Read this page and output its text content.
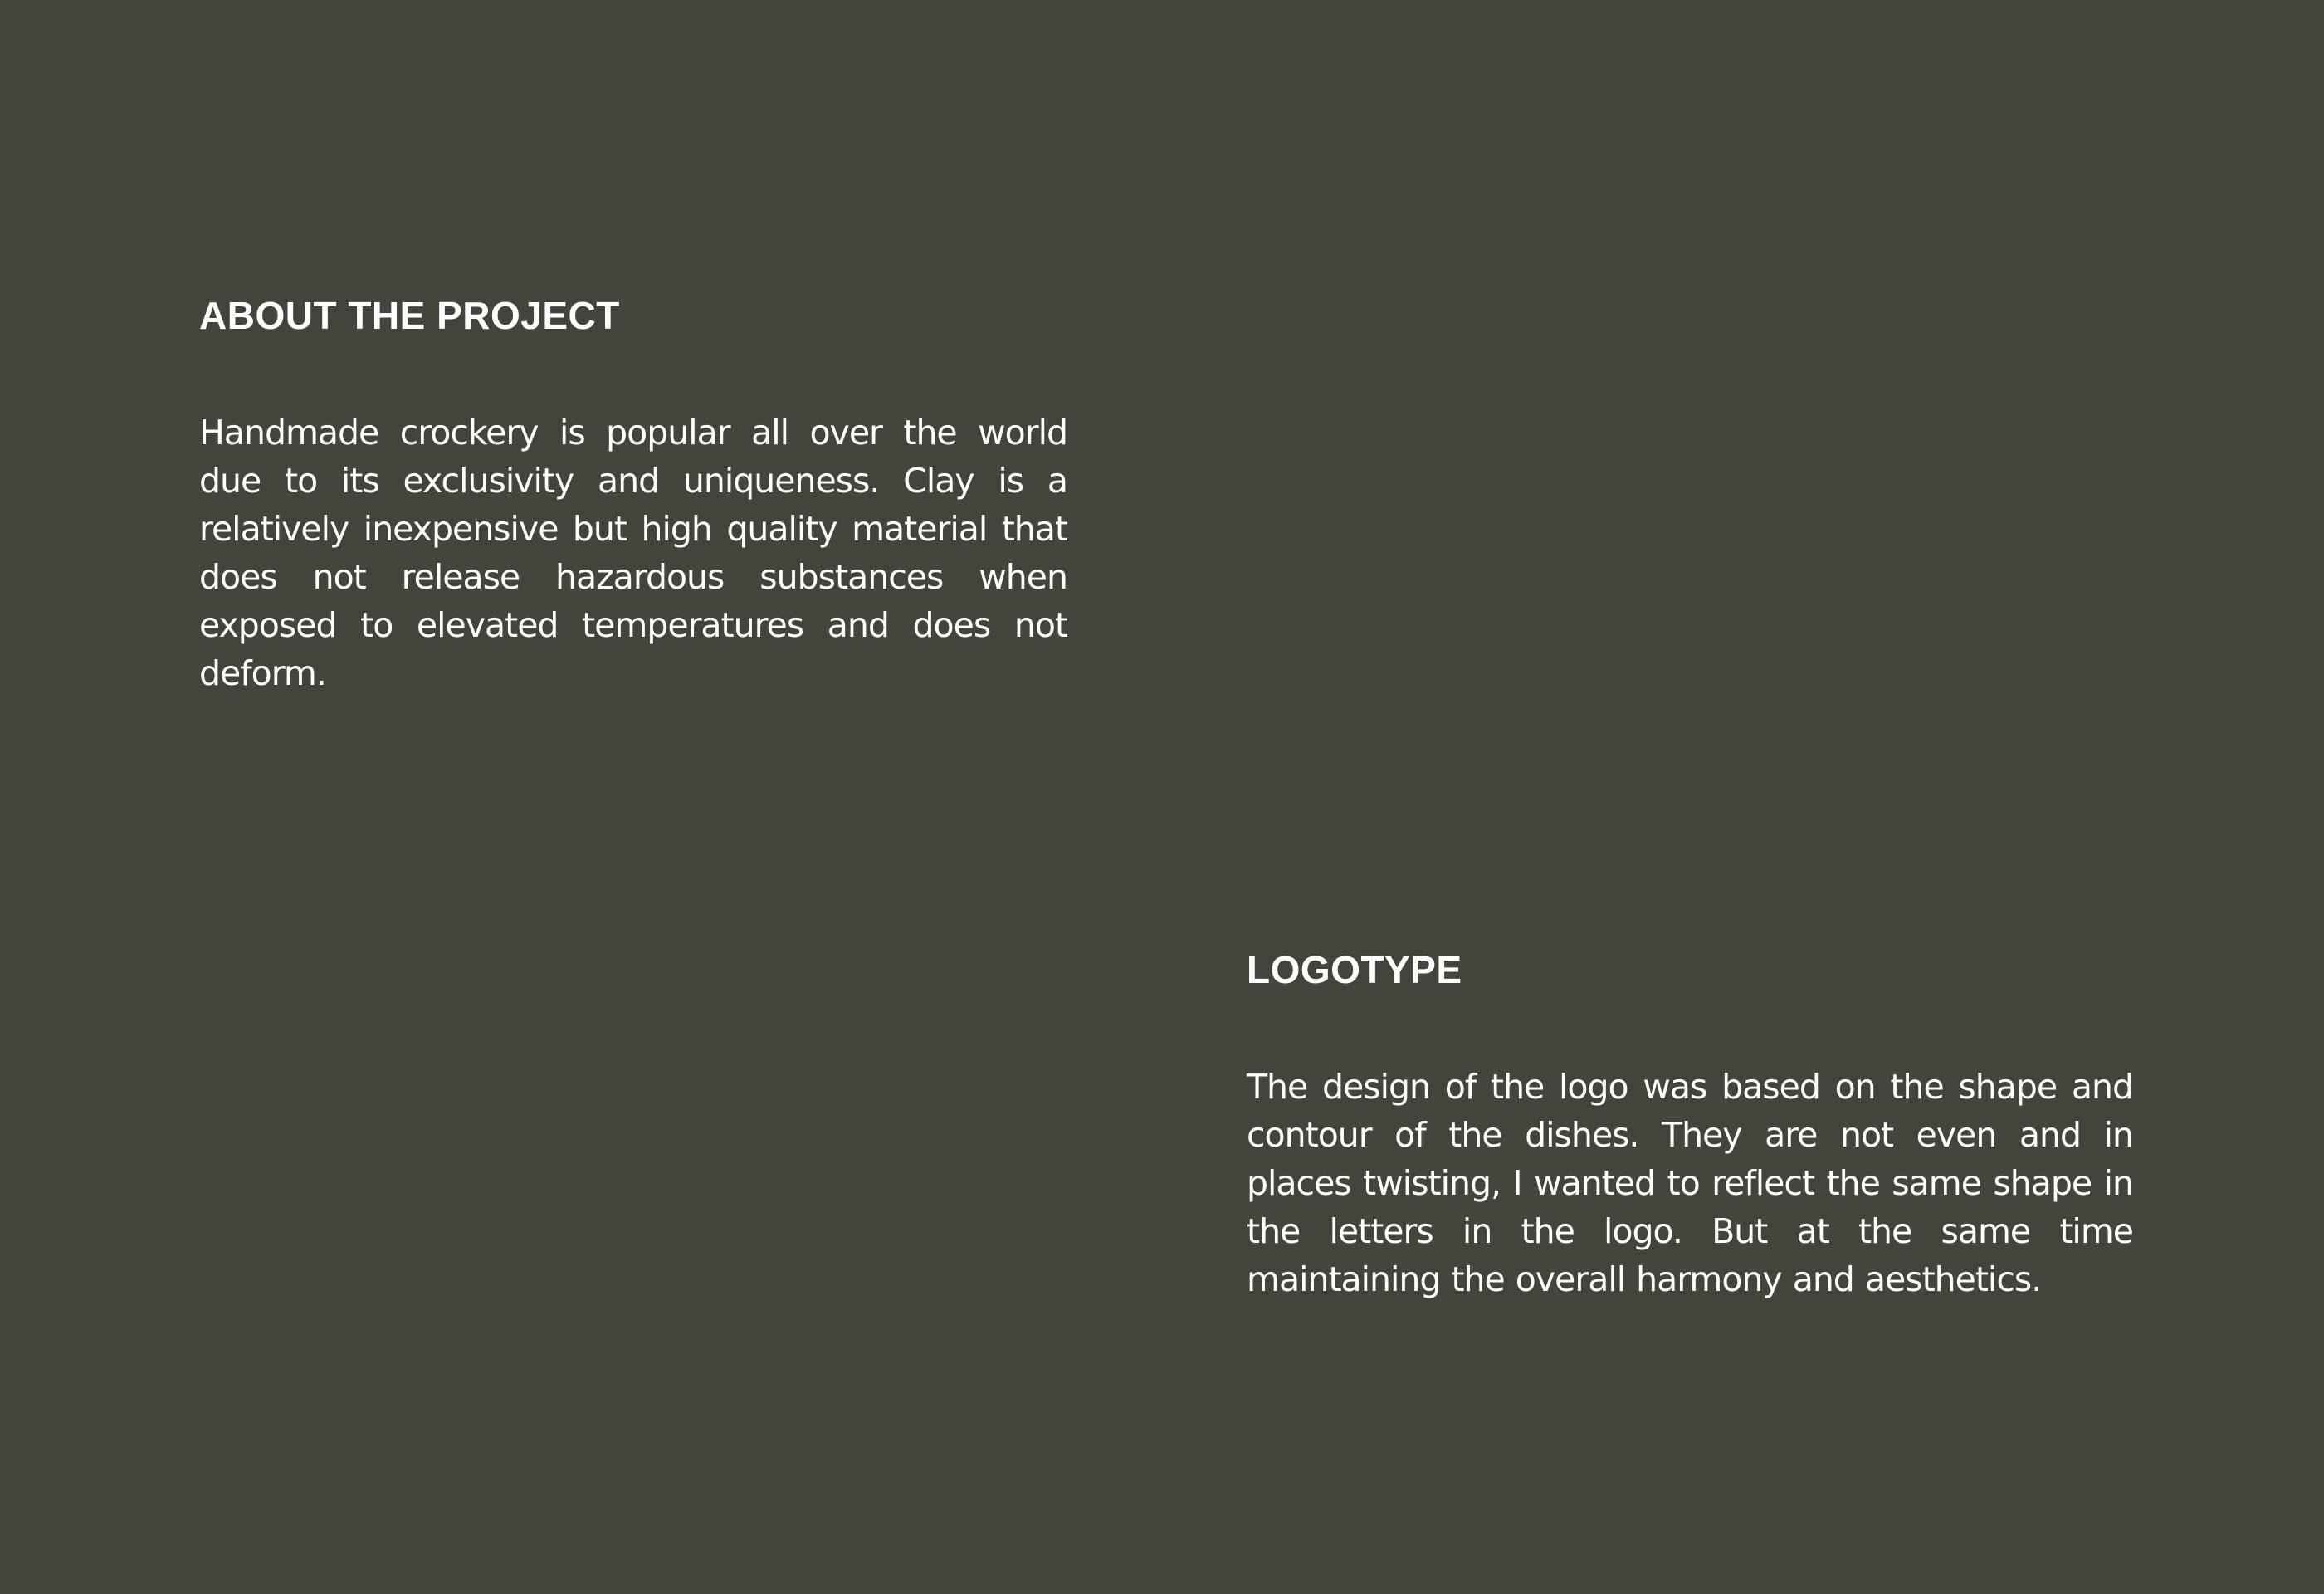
ABOUT THE PROJECT

Handmade crockery is popular all over the world due to its exclusivity and uniqueness. Clay is a relatively inexpensive but high quality material that does not release hazardous substances when exposed to elevated temperatures and does not deform.

LOGOTYPE

The design of the logo was based on the shape and contour of the dishes. They are not even and in places twisting, I wanted to reflect the same shape in the letters in the logo. But at the same time maintaining the overall harmony and aesthetics.
